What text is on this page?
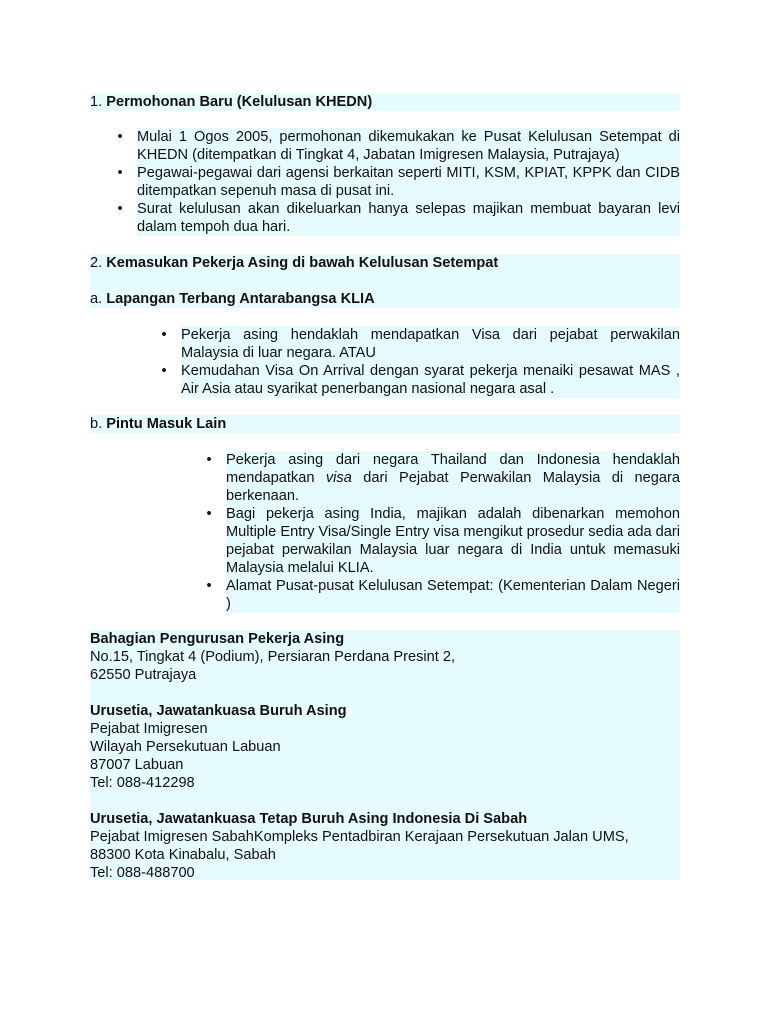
1. Permohonan Baru (Kelulusan KHEDN)
• Mulai 1 Ogos 2005, permohonan dikemukakan ke Pusat Kelulusan Setempat di KHEDN (ditempatkan di Tingkat 4, Jabatan Imigresen Malaysia, Putrajaya)
• Pegawai-pegawai dari agensi berkaitan seperti MITI, KSM, KPIAT, KPPK dan CIDB ditempatkan sepenuh masa di pusat ini.
• Surat kelulusan akan dikeluarkan hanya selepas majikan membuat bayaran levi dalam tempoh dua hari.
2. Kemasukan Pekerja Asing di bawah Kelulusan Setempat
a. Lapangan Terbang Antarabangsa KLIA
• Pekerja asing hendaklah mendapatkan Visa dari pejabat perwakilan Malaysia di luar negara. ATAU
• Kemudahan Visa On Arrival dengan syarat pekerja menaiki pesawat MAS , Air Asia atau syarikat penerbangan nasional negara asal .
b. Pintu Masuk Lain
• Pekerja asing dari negara Thailand dan Indonesia hendaklah mendapatkan visa dari Pejabat Perwakilan Malaysia di negara berkenaan.
• Bagi pekerja asing India, majikan adalah dibenarkan memohon Multiple Entry Visa/Single Entry visa mengikut prosedur sedia ada dari pejabat perwakilan Malaysia luar negara di India untuk memasuki Malaysia melalui KLIA.
• Alamat Pusat-pusat Kelulusan Setempat: (Kementerian Dalam Negeri )
Bahagian Pengurusan Pekerja Asing
No.15, Tingkat 4 (Podium), Persiaran Perdana Presint 2,
62550 Putrajaya
Urusetia, Jawatankuasa Buruh Asing
Pejabat Imigresen
Wilayah Persekutuan Labuan
87007 Labuan
Tel: 088-412298
Urusetia, Jawatankuasa Tetap Buruh Asing Indonesia Di Sabah
Pejabat Imigresen SabahKompleks Pentadbiran Kerajaan Persekutuan Jalan UMS,
88300 Kota Kinabalu, Sabah
Tel: 088-488700
